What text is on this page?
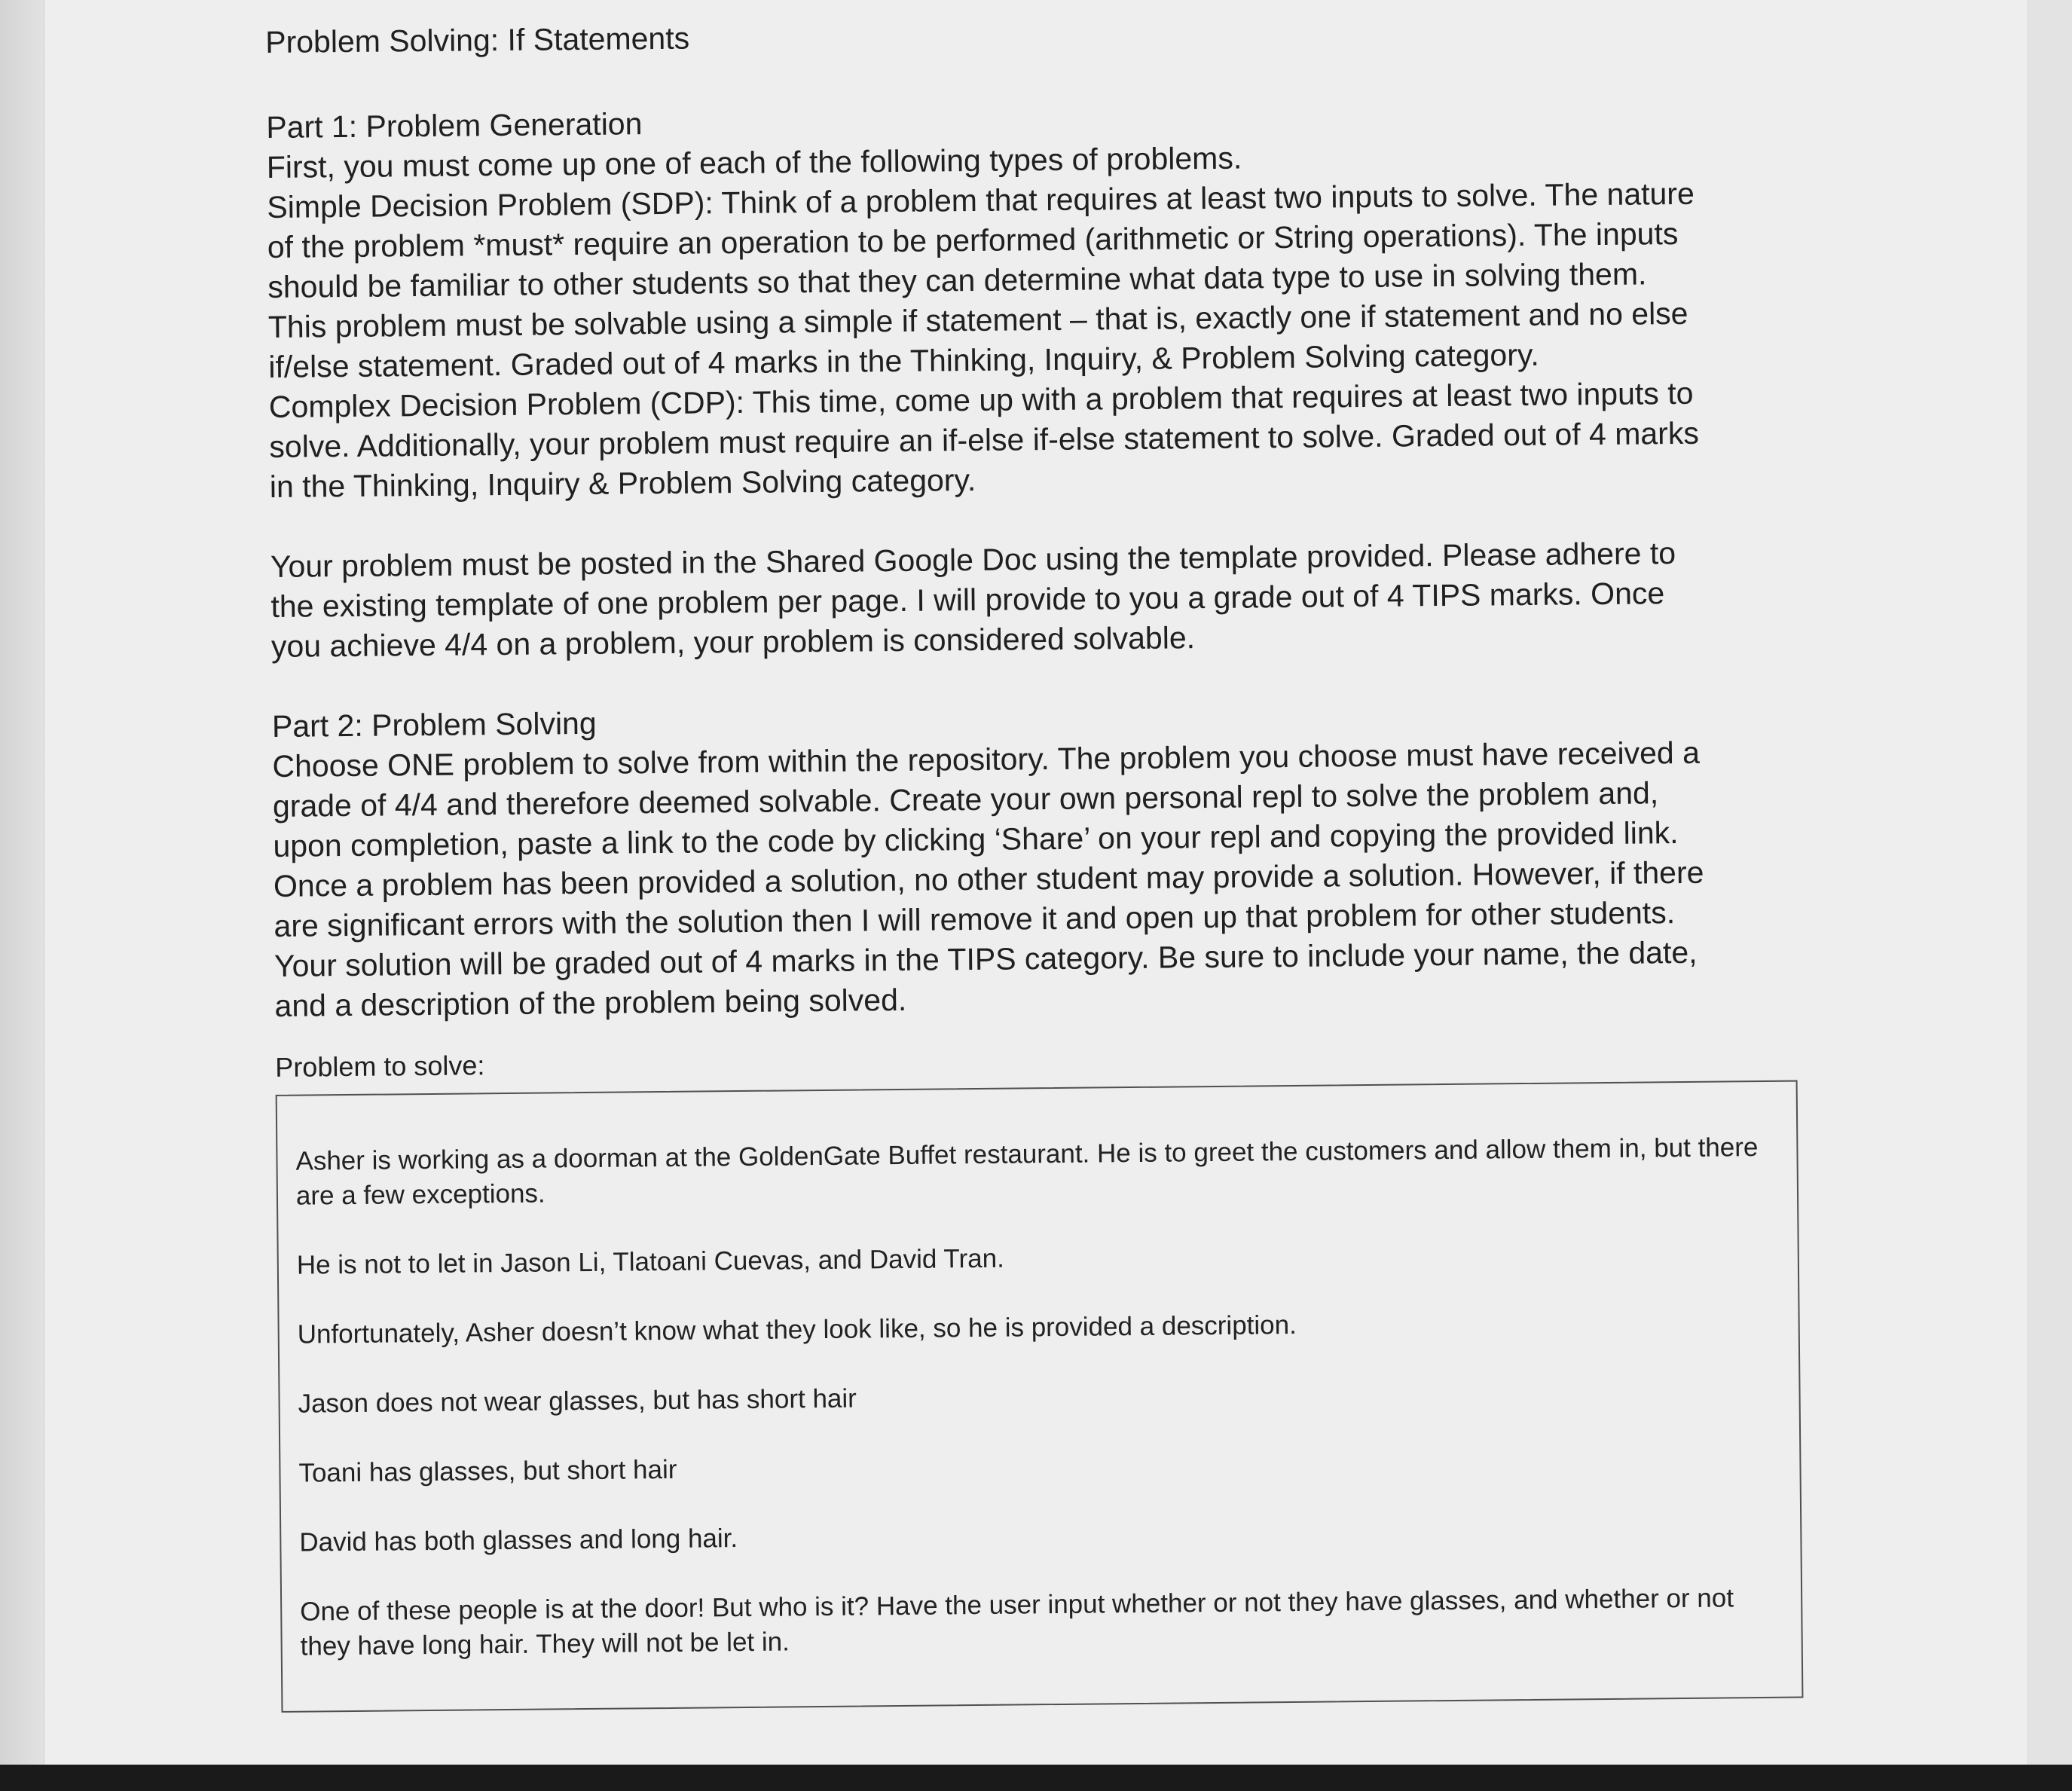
Problem Solving: If Statements

Part 1: Problem Generation

First, you must come up one of each of the following types of problems.

Simple Decision Problem (SDP): Think of a problem that requires at least two inputs to solve. The nature of the problem *must* require an operation to be performed (arithmetic or String operations). The inputs should be familiar to other students so that they can determine what data type to use in solving them. This problem must be solvable using a simple if statement – that is, exactly one if statement and no else if/else statement. Graded out of 4 marks in the Thinking, Inquiry, & Problem Solving category.

Complex Decision Problem (CDP): This time, come up with a problem that requires at least two inputs to solve. Additionally, your problem must require an if-else if-else statement to solve. Graded out of 4 marks in the Thinking, Inquiry & Problem Solving category.

Your problem must be posted in the Shared Google Doc using the template provided. Please adhere to the existing template of one problem per page. I will provide to you a grade out of 4 TIPS marks. Once you achieve 4/4 on a problem, your problem is considered solvable.

Part 2: Problem Solving

Choose ONE problem to solve from within the repository. The problem you choose must have received a grade of 4/4 and therefore deemed solvable. Create your own personal repl to solve the problem and, upon completion, paste a link to the code by clicking ‘Share’ on your repl and copying the provided link. Once a problem has been provided a solution, no other student may provide a solution. However, if there are significant errors with the solution then I will remove it and open up that problem for other students.

Your solution will be graded out of 4 marks in the TIPS category. Be sure to include your name, the date, and a description of the problem being solved.

Problem to solve:

Asher is working as a doorman at the GoldenGate Buffet restaurant. He is to greet the customers and allow them in, but there are a few exceptions.

He is not to let in Jason Li, Tlatoani Cuevas, and David Tran.

Unfortunately, Asher doesn’t know what they look like, so he is provided a description.

Jason does not wear glasses, but has short hair

Toani has glasses, but short hair

David has both glasses and long hair.

One of these people is at the door! But who is it? Have the user input whether or not they have glasses, and whether or not they have long hair. They will not be let in.
